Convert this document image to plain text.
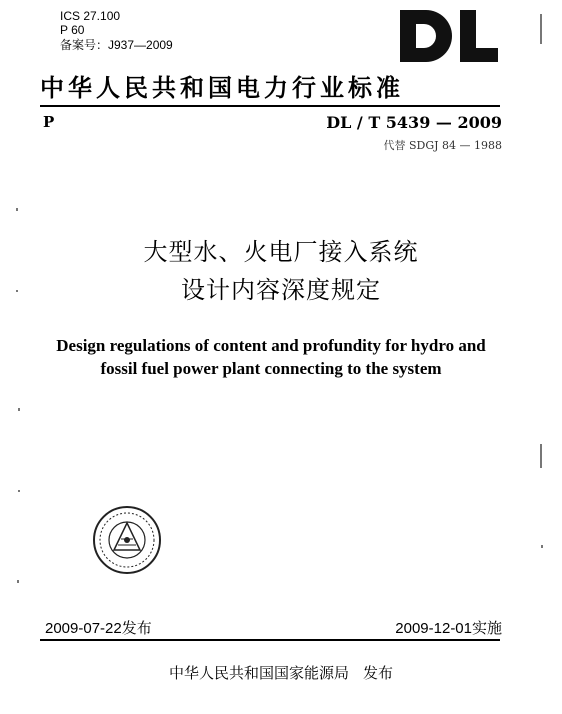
ICS 27.100
P 60
备案号：J937—2009
中华人民共和国电力行业标准
P	DL / T 5439 — 2009
代替 SDGJ 84 — 1988
大型水、火电厂接入系统
设计内容深度规定
Design regulations of content and profundity for hydro and fossil fuel power plant connecting to the system
2009-07-22发布	2009-12-01实施
中华人民共和国国家能源局 发布
